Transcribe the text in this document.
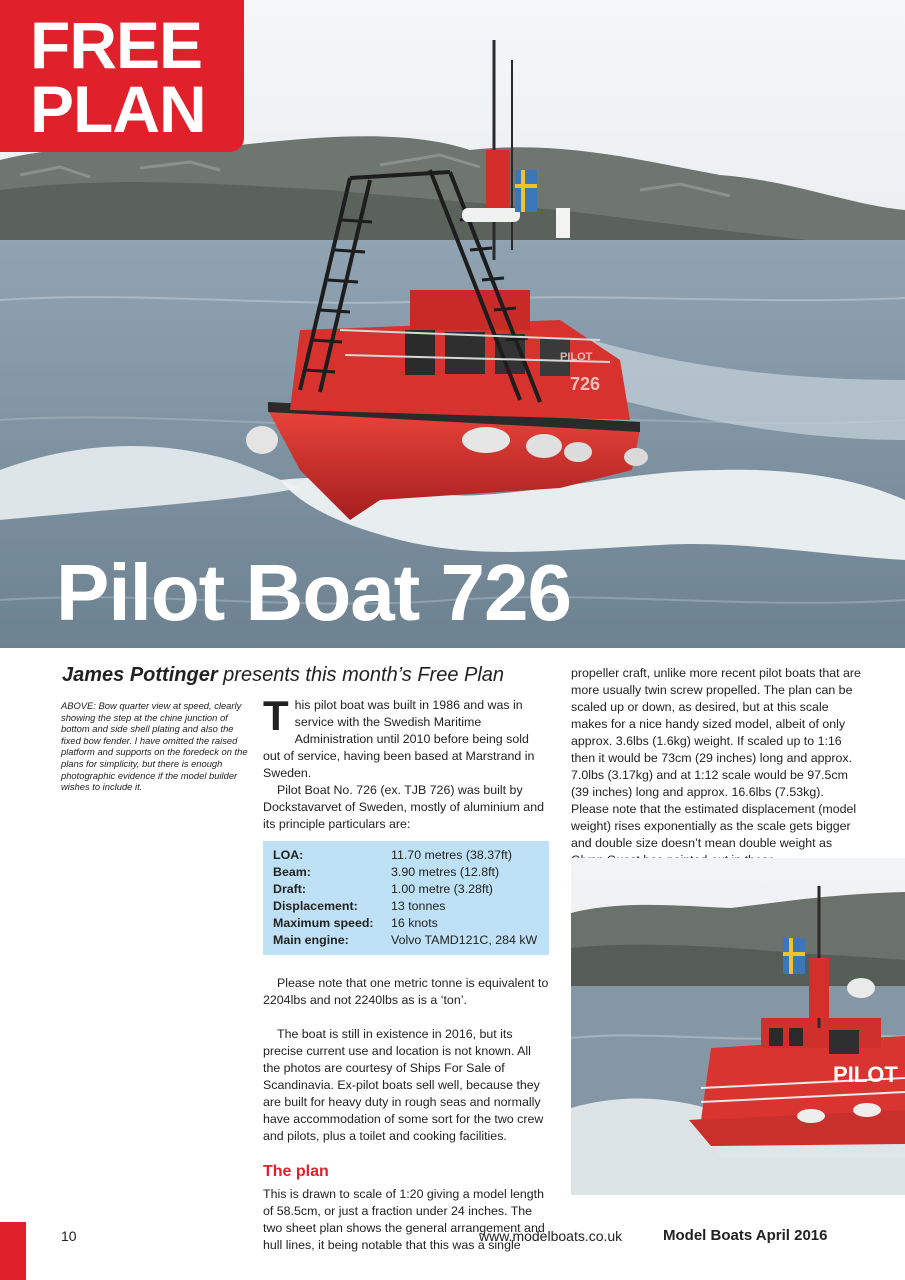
726
PILOT
FREE
PLAN
Pilot Boat 726
James Pottinger presents this month’s Free Plan
ABOVE: Bow quarter view at speed, clearly showing the step at the chine junction of bottom and side shell plating and also the fixed bow fender. I have omitted the raised platform and supports on the foredeck on the plans for simplicity, but there is enough photographic evidence if the model builder wishes to include it.

This pilot boat was built in 1986 and was in service with the Swedish Maritime Administration until 2010 before being sold out of service, having been based at Marstrand in Sweden.

Pilot Boat No. 726 (ex. TJB 726) was built by Dockstavarvet of Sweden, mostly of aluminium and its principle particulars are:

LOA:	11.70 metres (38.37ft)
Beam:	3.90 metres (12.8ft)
Draft:	1.00 metre (3.28ft)
Displacement:	13 tonnes
Maximum speed:	16 knots
Main engine:	Volvo TAMD121C, 284 kW

Please note that one metric tonne is equivalent to 2204lbs and not 2240lbs as is a ‘ton’.

The boat is still in existence in 2016, but its precise current use and location is not known. All the photos are courtesy of Ships For Sale of Scandinavia. Ex-pilot boats sell well, because they are built for heavy duty in rough seas and normally have accommodation of some sort for the two crew and pilots, plus a toilet and cooking facilities.

The plan

This is drawn to scale of 1:20 giving a model length of 58.5cm, or just a fraction under 24 inches. The two sheet plan shows the general arrangement and hull lines, it being notable that this was a single

propeller craft, unlike more recent pilot boats that are more usually twin screw propelled. The plan can be scaled up or down, as desired, but at this scale makes for a nice handy sized model, albeit of only approx. 3.6lbs (1.6kg) weight. If scaled up to 1:16 then it would be 73cm (29 inches) long and approx. 7.0lbs (3.17kg) and at 1:12 scale would be 97.5cm (39 inches) long and approx. 16.6lbs (7.53kg). Please note that the estimated displacement (model weight) rises exponentially as the scale gets bigger and double size doesn’t mean double weight as

PILOT
10	www.modelboats.co.uk	Model Boats April 2016
